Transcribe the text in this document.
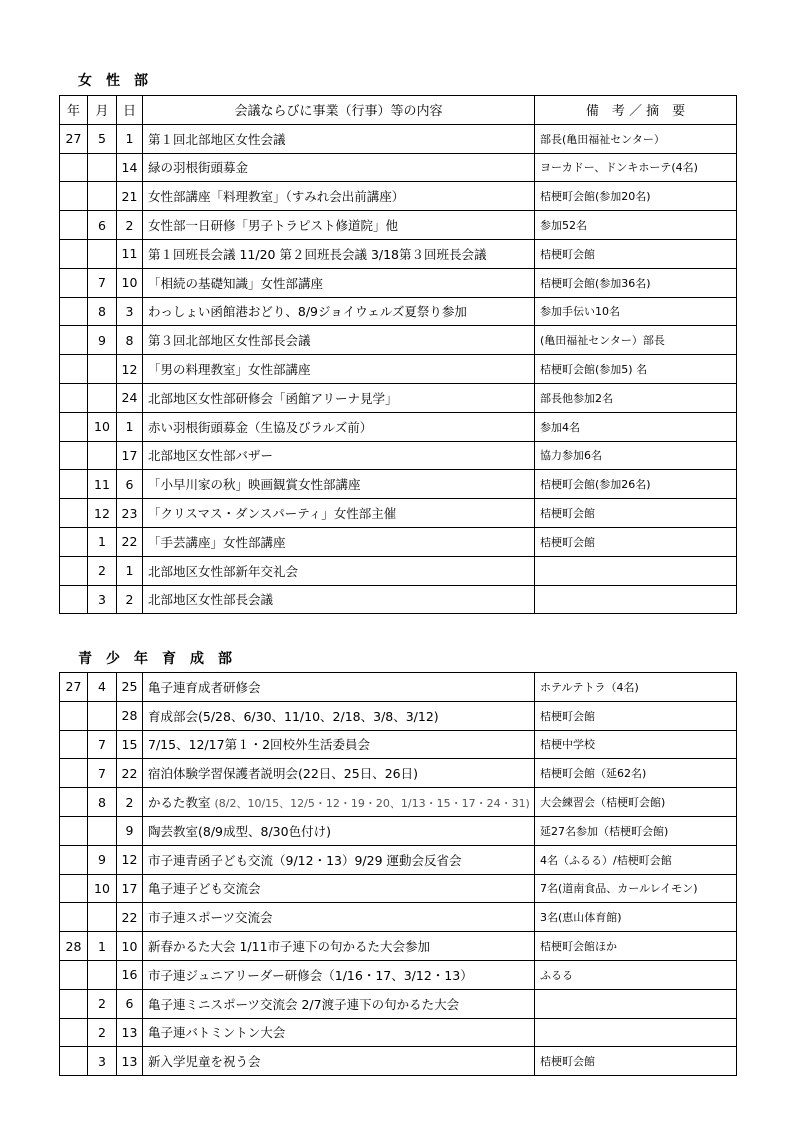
女　性　部
年	月	日	会議ならびに事業（行事）等の内容	備　考 ／ 摘　要
27	5	1	第１回北部地区女性会議	部長(亀田福祉センター）
		14	緑の羽根街頭募金	ヨーカドー、ドンキホーテ(4名)
		21	女性部講座「料理教室」（すみれ会出前講座）	桔梗町会館(参加20名)
	6	2	女性部一日研修「男子トラピスト修道院」他	参加52名
		11	第１回班長会議 11/20 第２回班長会議 3/18第３回班長会議	桔梗町会館
	7	10	「相続の基礎知識」女性部講座	桔梗町会館(参加36名)
	8	3	わっしょい函館港おどり、8/9ジョイウェルズ夏祭り参加	参加手伝い10名
	9	8	第３回北部地区女性部長会議	(亀田福祉センター）部長
		12	「男の料理教室」女性部講座	桔梗町会館(参加5) 名
		24	北部地区女性部研修会「函館アリーナ見学」	部長他参加2名
	10	1	赤い羽根街頭募金（生協及びラルズ前）	参加4名
		17	北部地区女性部バザー	協力参加6名
	11	6	「小早川家の秋」映画観賞女性部講座	桔梗町会館(参加26名)
	12	23	「クリスマス・ダンスパーティ」女性部主催	桔梗町会館
	1	22	「手芸講座」女性部講座	桔梗町会館
	2	1	北部地区女性部新年交礼会	
	3	2	北部地区女性部長会議	
青　少　年　育　成　部
27	4	25	亀子連育成者研修会	ホテルテトラ（4名)
		28	育成部会(5/28、6/30、11/10、2/18、3/8、3/12)	桔梗町会館
	7	15	7/15、12/17第１・2回校外生活委員会	桔梗中学校
	7	22	宿泊体験学習保護者説明会(22日、25日、26日)	桔梗町会館（延62名)
	8	2	かるた教室 (8/2、10/15、12/5・12・19・20、1/13・15・17・24・31)	大会練習会（桔梗町会館)
		9	陶芸教室(8/9成型、8/30色付け)	延27名参加（桔梗町会館)
	9	12	市子連青函子ども交流（9/12・13）9/29 運動会反省会	4名（ふるる）/桔梗町会館
	10	17	亀子連子ども交流会	7名(道南食品、カールレイモン)
		22	市子連スポーツ交流会	3名(恵山体育館)
28	1	10	新春かるた大会 1/11市子連下の句かるた大会参加	桔梗町会館ほか
		16	市子連ジュニアリーダー研修会（1/16・17、3/12・13）	ふるる
	2	6	亀子連ミニスポーツ交流会 2/7渡子連下の句かるた大会	
	2	13	亀子連バトミントン大会	
	3	13	新入学児童を祝う会	桔梗町会館
